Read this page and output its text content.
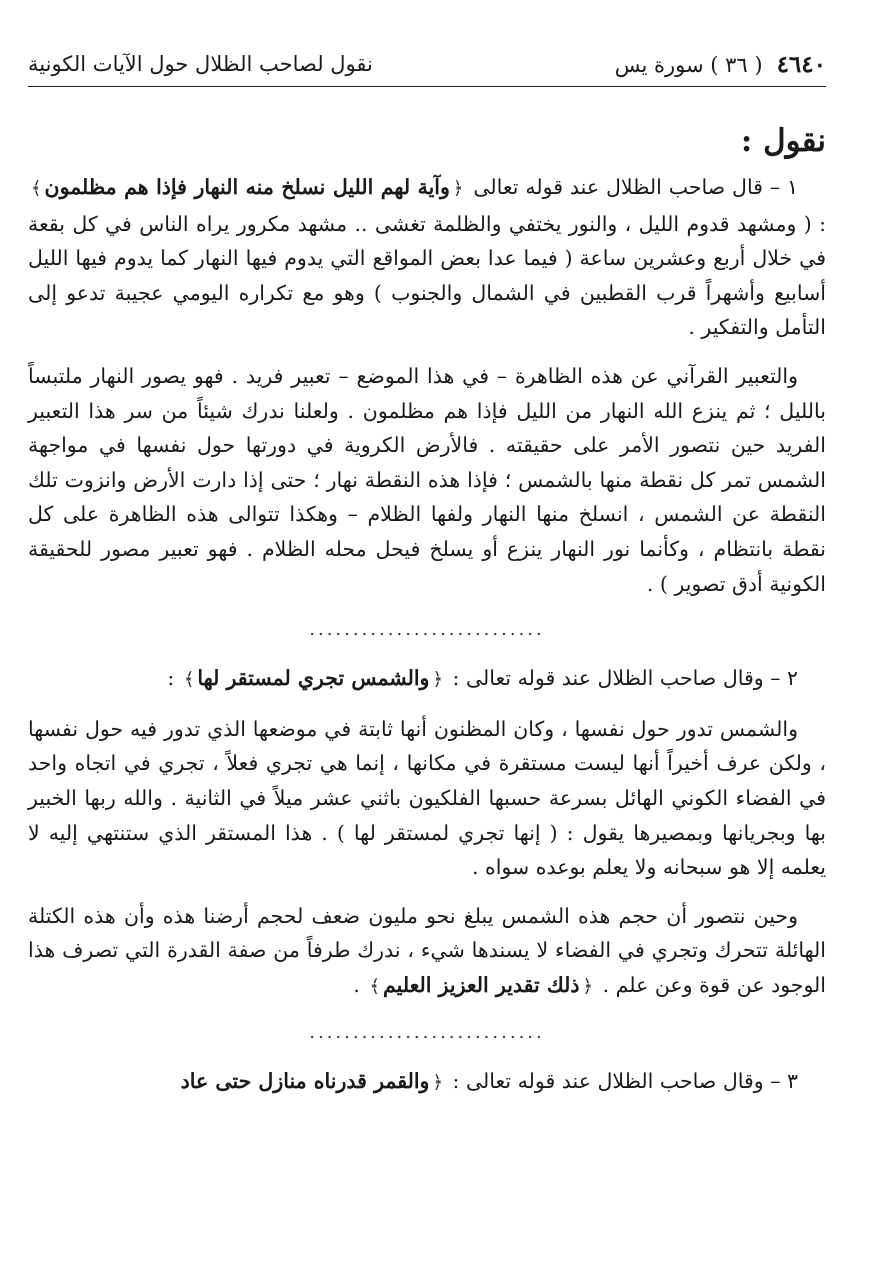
٤٦٤٠
( ٣٦ ) سورة يس
نقول لصاحب الظلال حول الآيات الكونية
نقول :

١ – قال صاحب الظلال عند قوله تعالى ﴿وآية لهم الليل نسلخ منه النهار فإذا هم مظلمون﴾ : ( ومشهد قدوم الليل ، والنور يختفي والظلمة تغشى .. مشهد مكرور يراه الناس في كل بقعة في خلال أربع وعشرين ساعة ( فيما عدا بعض المواقع التي يدوم فيها النهار كما يدوم فيها الليل أسابيع وأشهراً قرب القطبين في الشمال والجنوب ) وهو مع تكراره اليومي عجيبة تدعو إلى التأمل والتفكير .

والتعبير القرآني عن هذه الظاهرة – في هذا الموضع – تعبير فريد . فهو يصور النهار ملتبساً بالليل ؛ ثم ينزع الله النهار من الليل فإذا هم مظلمون . ولعلنا ندرك شيئاً من سر هذا التعبير الفريد حين نتصور الأمر على حقيقته . فالأرض الكروية في دورتها حول نفسها في مواجهة الشمس تمر كل نقطة منها بالشمس ؛ فإذا هذه النقطة نهار ؛ حتى إذا دارت الأرض وانزوت تلك النقطة عن الشمس ، انسلخ منها النهار ولفها الظلام – وهكذا تتوالى هذه الظاهرة على كل نقطة بانتظام ، وكأنما نور النهار ينزع أو يسلخ فيحل محله الظلام . فهو تعبير مصور للحقيقة الكونية أدق تصوير ) .

...........................

٢ – وقال صاحب الظلال عند قوله تعالى : ﴿والشمس تجري لمستقر لها﴾ :

والشمس تدور حول نفسها ، وكان المظنون أنها ثابتة في موضعها الذي تدور فيه حول نفسها ، ولكن عرف أخيراً أنها ليست مستقرة في مكانها ، إنما هي تجري فعلاً ، تجري في اتجاه واحد في الفضاء الكوني الهائل بسرعة حسبها الفلكيون باثني عشر ميلاً في الثانية . والله ربها الخبير بها وبجريانها وبمصيرها يقول : ( إنها تجري لمستقر لها ) . هذا المستقر الذي ستنتهي إليه لا يعلمه إلا هو سبحانه ولا يعلم بوعده سواه .

وحين نتصور أن حجم هذه الشمس يبلغ نحو مليون ضعف لحجم أرضنا هذه وأن هذه الكتلة الهائلة تتحرك وتجري في الفضاء لا يسندها شيء ، ندرك طرفاً من صفة القدرة التي تصرف هذا الوجود عن قوة وعن علم . ﴿ذلك تقدير العزيز العليم﴾ .

...........................

٣ – وقال صاحب الظلال عند قوله تعالى : ﴿والقمر قدرناه منازل حتى عاد
